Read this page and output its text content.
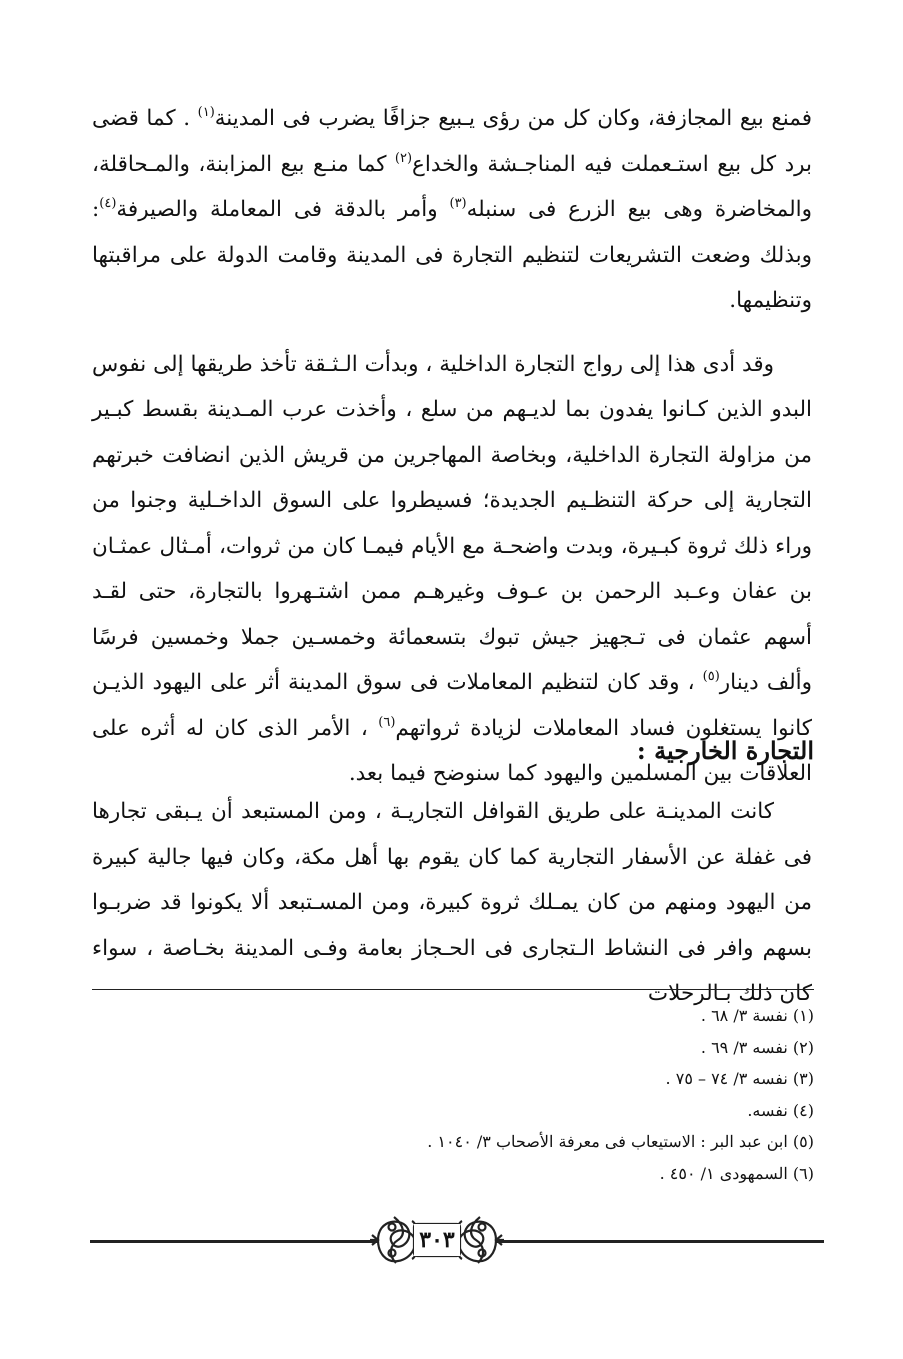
فمنع بيع المجازفة، وكان كل من رؤى يـبيع جزافًا يضرب فى المدينة$^{(١)}$ . كما قضى برد كل بيع استـعملت فيه المناجـشة والخداع$^{(٢)}$ كما منـع بيع المزابنة، والمـحاقلة، والمخاضرة وهى بيع الزرع فى سنبله$^{(٣)}$ وأمر بالدقة فى المعاملة والصيرفة$^{(٤)}$: وبذلك وضعت التشريعات لتنظيم التجارة فى المدينة وقامت الدولة على مراقبتها وتنظيمها.

وقد أدى هذا إلى رواج التجارة الداخلية ، وبدأت الـثـقة تأخذ طريقها إلى نفوس البدو الذين كـانوا يفدون بما لديـهم من سلع ، وأخذت عرب المـدينة بقسط كبـير من مزاولة التجارة الداخلية، وبخاصة المهاجرين من قريش الذين انضافت خبرتهم التجارية إلى حركة التنظـيم الجديدة؛ فسيطروا على السوق الداخـلية وجنوا من وراء ذلك ثروة كبـيرة، وبدت واضحـة مع الأيام فيمـا كان من ثروات، أمـثال عمثـان بن عفان وعـبد الرحمن بن عـوف وغيرهـم ممن اشتـهروا بالتجارة، حتى لقـد أسهم عثمان فى تـجهيز جيش تبوك بتسعمائة وخمسـين جملا وخمسين فرسًا وألف دينار$^{(٥)}$ ، وقد كان لتنظيم المعاملات فى سوق المدينة أثر على اليهود الذيـن كانوا يستغلون فساد المعاملات لزيادة ثرواتهم$^{(٦)}$ ، الأمر الذى كان له أثره على العلاقات بين المسلمين واليهود كما سنوضح فيما بعد.

التجارة الخارجية :

كانت المدينـة على طريق القوافل التجاريـة ، ومن المستبعد أن يـبقى تجارها فى غفلة عن الأسفار التجارية كما كان يقوم بها أهل مكة، وكان فيها جالية كبيرة من اليهود ومنهم من كان يمـلك ثروة كبيرة، ومن المسـتبعد ألا يكونوا قد ضربـوا بسهم وافر فى النشاط الـتجارى فى الحـجاز بعامة وفـى المدينة بخـاصة ، سواء كان ذلك بـالرحلات

(١) نفسة ٣/ ٦٨ .

(٢) نفسه ٣/ ٦٩ .

(٣) نفسه ٣/ ٧٤ – ٧٥ .

(٤) نفسه.

(٥) ابن عبد البر : الاستيعاب فى معرفة الأصحاب ٣/ ١٠٤٠ .

(٦) السمهودى ١/ ٤٥٠ .

٣٠٣
